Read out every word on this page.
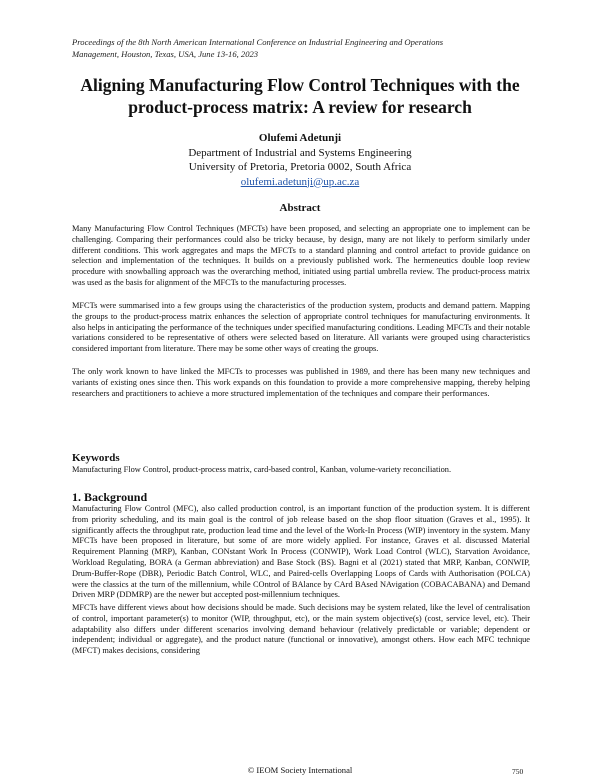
Proceedings of the 8th North American International Conference on Industrial Engineering and Operations
Management, Houston, Texas, USA, June 13-16, 2023
Aligning Manufacturing Flow Control Techniques with the
product-process matrix: A review for research
Olufemi Adetunji
Department of Industrial and Systems Engineering
University of Pretoria, Pretoria 0002, South Africa
olufemi.adetunji@up.ac.za
Abstract
Many Manufacturing Flow Control Techniques (MFCTs) have been proposed, and selecting an appropriate one to implement can be challenging. Comparing their performances could also be tricky because, by design, many are not likely to perform similarly under different conditions. This work aggregates and maps the MFCTs to a standard planning and control artefact to provide guidance on selection and implementation of the techniques. It builds on a previously published work. The hermeneutics double loop review procedure with snowballing approach was the overarching method, initiated using partial umbrella review. The product-process matrix was used as the basis for alignment of the MFCTs to the manufacturing processes.
MFCTs were summarised into a few groups using the characteristics of the production system, products and demand pattern. Mapping the groups to the product-process matrix enhances the selection of appropriate control techniques for manufacturing environments. It also helps in anticipating the performance of the techniques under specified manufacturing conditions. Leading MFCTs and their notable variations considered to be representative of others were selected based on literature. All variants were grouped using characteristics considered important from literature. There may be some other ways of creating the groups.
The only work known to have linked the MFCTs to processes was published in 1989, and there has been many new techniques and variants of existing ones since then. This work expands on this foundation to provide a more comprehensive mapping, thereby helping researchers and practitioners to achieve a more structured implementation of the techniques and compare their performances.
Keywords
Manufacturing Flow Control, product-process matrix, card-based control, Kanban, volume-variety reconciliation.
1. Background
Manufacturing Flow Control (MFC), also called production control, is an important function of the production system. It is different from priority scheduling, and its main goal is the control of job release based on the shop floor situation (Graves et al., 1995). It significantly affects the throughput rate, production lead time and the level of the Work-In Process (WIP) inventory in the system. Many MFCTs have been proposed in literature, but some of are more widely applied. For instance, Graves et al. discussed Material Requirement Planning (MRP), Kanban, CONstant Work In Process (CONWIP), Work Load Control (WLC), Starvation Avoidance, Workload Regulating, BORA (a German abbreviation) and Base Stock (BS). Bagni et al (2021) stated that MRP, Kanban, CONWIP, Drum-Buffer-Rope (DBR), Periodic Batch Control, WLC, and Paired-cells Overlapping Loops of Cards with Authorisation (POLCA) were the classics at the turn of the millennium, while COntrol of BAlance by CArd BAsed NAvigation (COBACABANA) and Demand Driven MRP (DDMRP) are the newer but accepted post-millennium techniques.
MFCTs have different views about how decisions should be made. Such decisions may be system related, like the level of centralisation of control, important parameter(s) to monitor (WIP, throughput, etc), or the main system objective(s) (cost, service level, etc). Their adaptability also differs under different scenarios involving demand behaviour (relatively predictable or variable; dependent or independent; individual or aggregate), and the product nature (functional or innovative), amongst others. How each MFC technique (MFCT) makes decisions, considering
© IEOM Society International	750
